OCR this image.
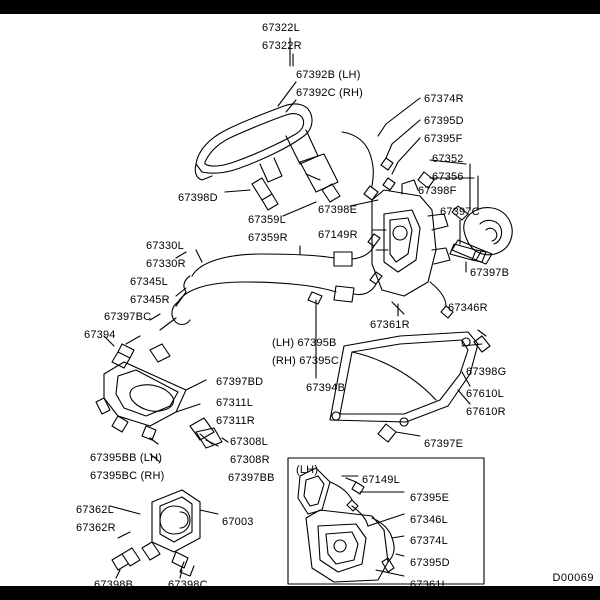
67322L
67322R
67392B (LH)
67392C (RH)	67374R
67395D
67395F
67352
67356
67398F
67397C
67398D
67398E
67359L
67359R	67149R
67330L
67330R
67397B
67345L
67345R
67346R
67397BC
67361R
67394
(LH) 67395B
(RH) 67395C
67398G
67397BD	67394B	67610L
67610R
67311L
67311R
67308L
67308R
67395BB (LH)
67395BC (RH)	67397BB
67397E
(LH)
67149L
67395E
67362L
67362R	67003	67346L
67374L
67395D
67361L
67398B	67398C
D00069
